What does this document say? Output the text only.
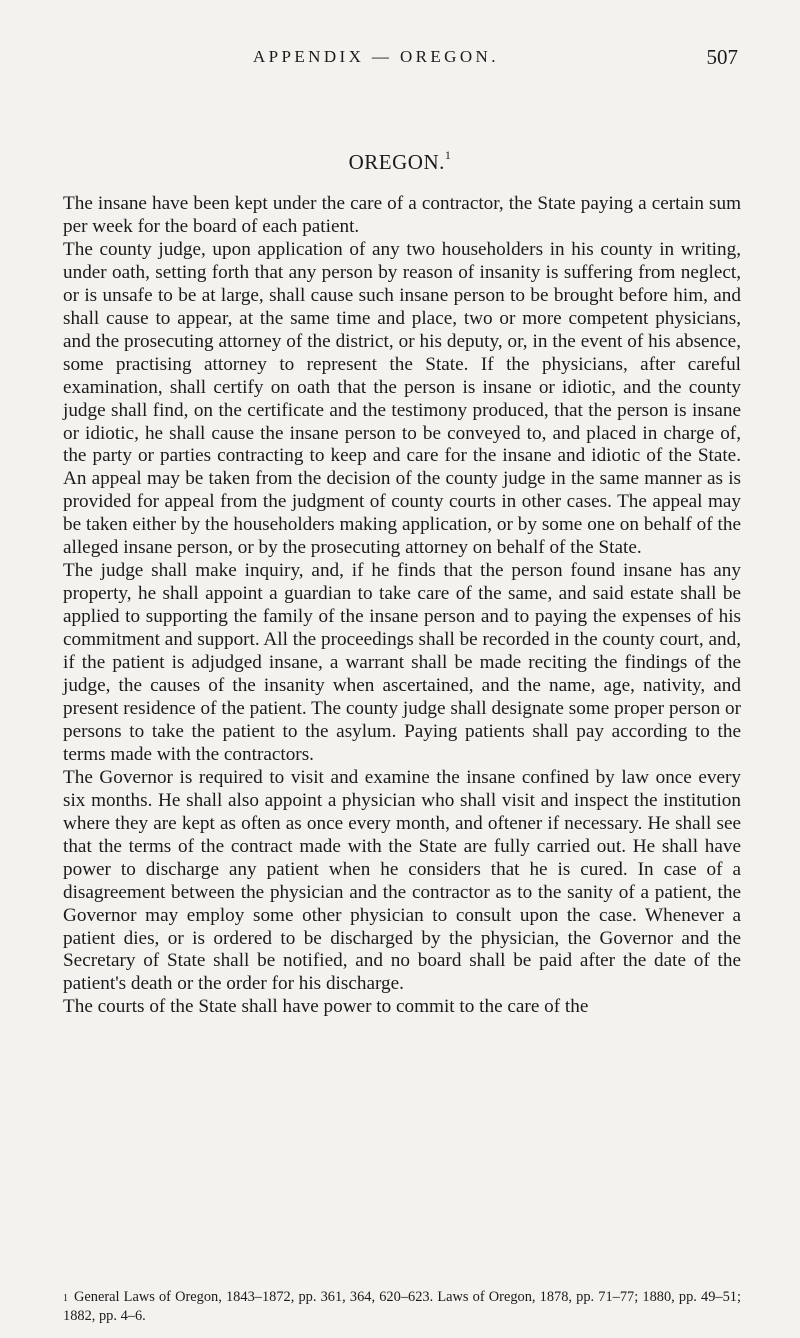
APPENDIX — OREGON.	507
OREGON.$^1$

The insane have been kept under the care of a contractor, the State paying a certain sum per week for the board of each patient.

The county judge, upon application of any two householders in his county in writing, under oath, setting forth that any person by reason of insanity is suffering from neglect, or is unsafe to be at large, shall cause such insane person to be brought before him, and shall cause to appear, at the same time and place, two or more competent physicians, and the prosecuting attorney of the district, or his deputy, or, in the event of his absence, some practising attorney to represent the State. If the physicians, after careful examination, shall certify on oath that the person is insane or idiotic, and the county judge shall find, on the certificate and the testimony produced, that the person is insane or idiotic, he shall cause the insane person to be conveyed to, and placed in charge of, the party or parties contracting to keep and care for the insane and idiotic of the State. An appeal may be taken from the decision of the county judge in the same manner as is provided for appeal from the judgment of county courts in other cases. The appeal may be taken either by the householders making application, or by some one on behalf of the alleged insane person, or by the prosecuting attorney on behalf of the State.

The judge shall make inquiry, and, if he finds that the person found insane has any property, he shall appoint a guardian to take care of the same, and said estate shall be applied to supporting the family of the insane person and to paying the expenses of his commitment and support. All the proceedings shall be recorded in the county court, and, if the patient is adjudged insane, a warrant shall be made reciting the findings of the judge, the causes of the insanity when ascertained, and the name, age, nativity, and present residence of the patient. The county judge shall designate some proper person or persons to take the patient to the asylum. Paying patients shall pay according to the terms made with the contractors.

The Governor is required to visit and examine the insane confined by law once every six months. He shall also appoint a physician who shall visit and inspect the institution where they are kept as often as once every month, and oftener if necessary. He shall see that the terms of the contract made with the State are fully carried out. He shall have power to discharge any patient when he considers that he is cured. In case of a disagreement between the physician and the contractor as to the sanity of a patient, the Governor may employ some other physician to consult upon the case. Whenever a patient dies, or is ordered to be discharged by the physician, the Governor and the Secretary of State shall be notified, and no board shall be paid after the date of the patient's death or the order for his discharge.

The courts of the State shall have power to commit to the care of the

$^1$ General Laws of Oregon, 1843–1872, pp. 361, 364, 620–623. Laws of Oregon, 1878, pp. 71–77; 1880, pp. 49–51; 1882, pp. 4–6.
